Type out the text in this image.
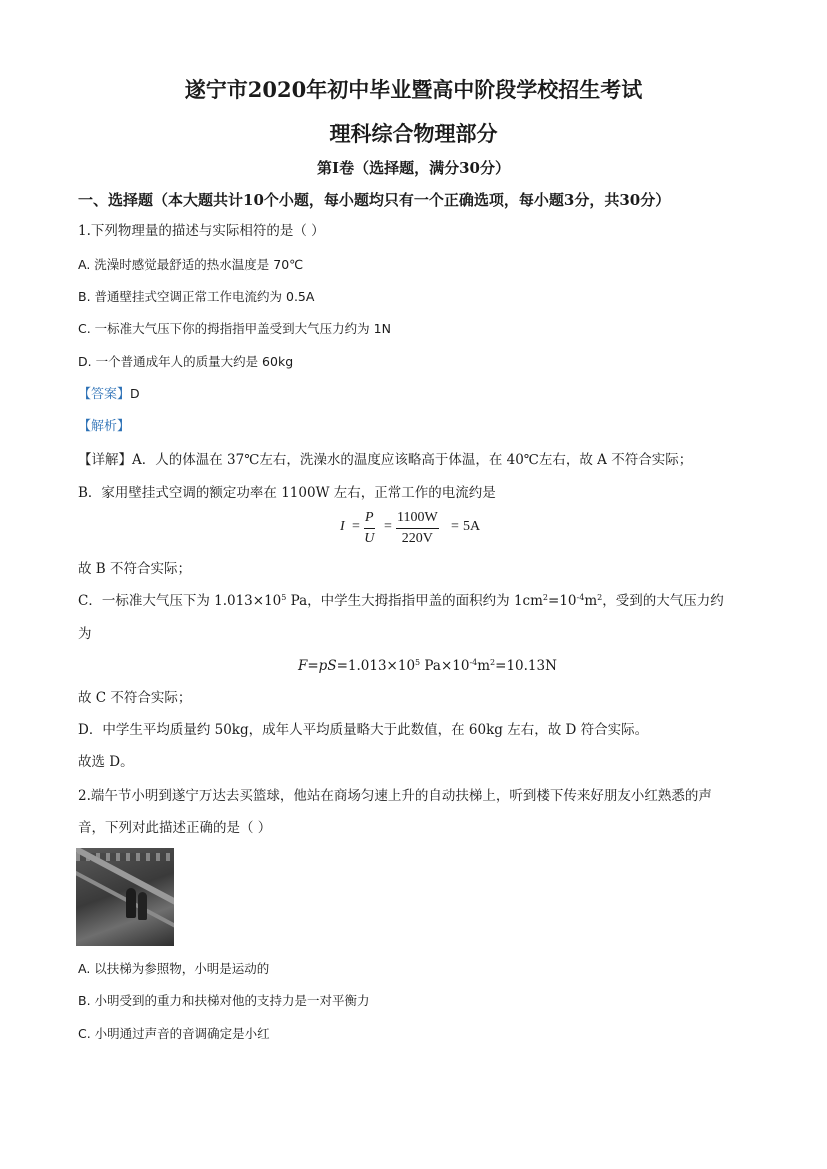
遂宁市2020年初中毕业暨高中阶段学校招生考试
理科综合物理部分
第I卷（选择题，满分30分）
一、选择题（本大题共计10个小题，每小题均只有一个正确选项，每小题3分，共30分）
1.下列物理量的描述与实际相符的是（ ）
A. 洗澡时感觉最舒适的热水温度是 70℃
B. 普通壁挂式空调正常工作电流约为 0.5A
C. 一标准大气压下你的拇指指甲盖受到大气压力约为 1N
D. 一个普通成年人的质量大约是 60kg
【答案】D
【解析】
【详解】A．人的体温在 37℃左右，洗澡水的温度应该略高于体温，在 40℃左右，故 A 不符合实际；
B．家用壁挂式空调的额定功率在 1100W 左右，正常工作的电流约是
$I = \frac{P}{U} = \frac{1100W}{220V} = 5A$
故 B 不符合实际；
C．一标准大气压下为 $1.013\times 10^5$ Pa，中学生大拇指指甲盖的面积约为 $1cm^2=10^{-4}m^2$，受到的大气压力约
为
$F=pS=1.013\times 10^5$ $Pa\times 10^{-4}m^2=10.13N$
故 C 不符合实际；
D．中学生平均质量约 50kg，成年人平均质量略大于此数值，在 60kg 左右，故 D 符合实际。
故选 D。
2.端午节小明到遂宁万达去买篮球，他站在商场匀速上升的自动扶梯上，听到楼下传来好朋友小红熟悉的声
音，下列对此描述正确的是（ ）
A. 以扶梯为参照物，小明是运动的
B. 小明受到的重力和扶梯对他的支持力是一对平衡力
C. 小明通过声音的音调确定是小红
